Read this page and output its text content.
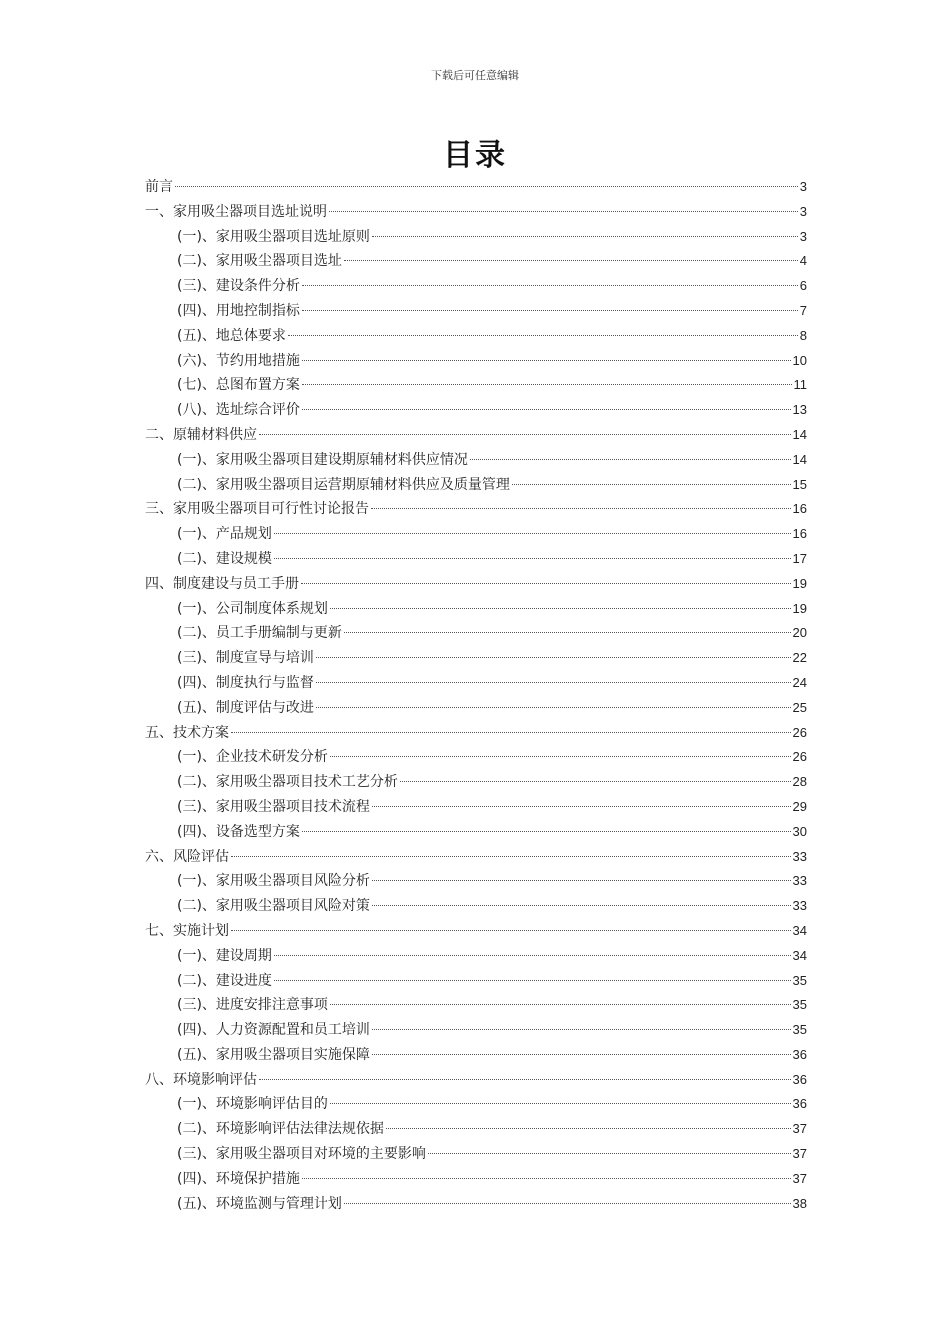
下载后可任意编辑
目录
前言	3
一、家用吸尘器项目选址说明	3
(一)、家用吸尘器项目选址原则	3
(二)、家用吸尘器项目选址	4
(三)、建设条件分析	6
(四)、用地控制指标	7
(五)、地总体要求	8
(六)、节约用地措施	10
(七)、总图布置方案	11
(八)、选址综合评价	13
二、原辅材料供应	14
(一)、家用吸尘器项目建设期原辅材料供应情况	14
(二)、家用吸尘器项目运营期原辅材料供应及质量管理	15
三、家用吸尘器项目可行性讨论报告	16
(一)、产品规划	16
(二)、建设规模	17
四、制度建设与员工手册	19
(一)、公司制度体系规划	19
(二)、员工手册编制与更新	20
(三)、制度宣导与培训	22
(四)、制度执行与监督	24
(五)、制度评估与改进	25
五、技术方案	26
(一)、企业技术研发分析	26
(二)、家用吸尘器项目技术工艺分析	28
(三)、家用吸尘器项目技术流程	29
(四)、设备选型方案	30
六、风险评估	33
(一)、家用吸尘器项目风险分析	33
(二)、家用吸尘器项目风险对策	33
七、实施计划	34
(一)、建设周期	34
(二)、建设进度	35
(三)、进度安排注意事项	35
(四)、人力资源配置和员工培训	35
(五)、家用吸尘器项目实施保障	36
八、环境影响评估	36
(一)、环境影响评估目的	36
(二)、环境影响评估法律法规依据	37
(三)、家用吸尘器项目对环境的主要影响	37
(四)、环境保护措施	37
(五)、环境监测与管理计划	38
